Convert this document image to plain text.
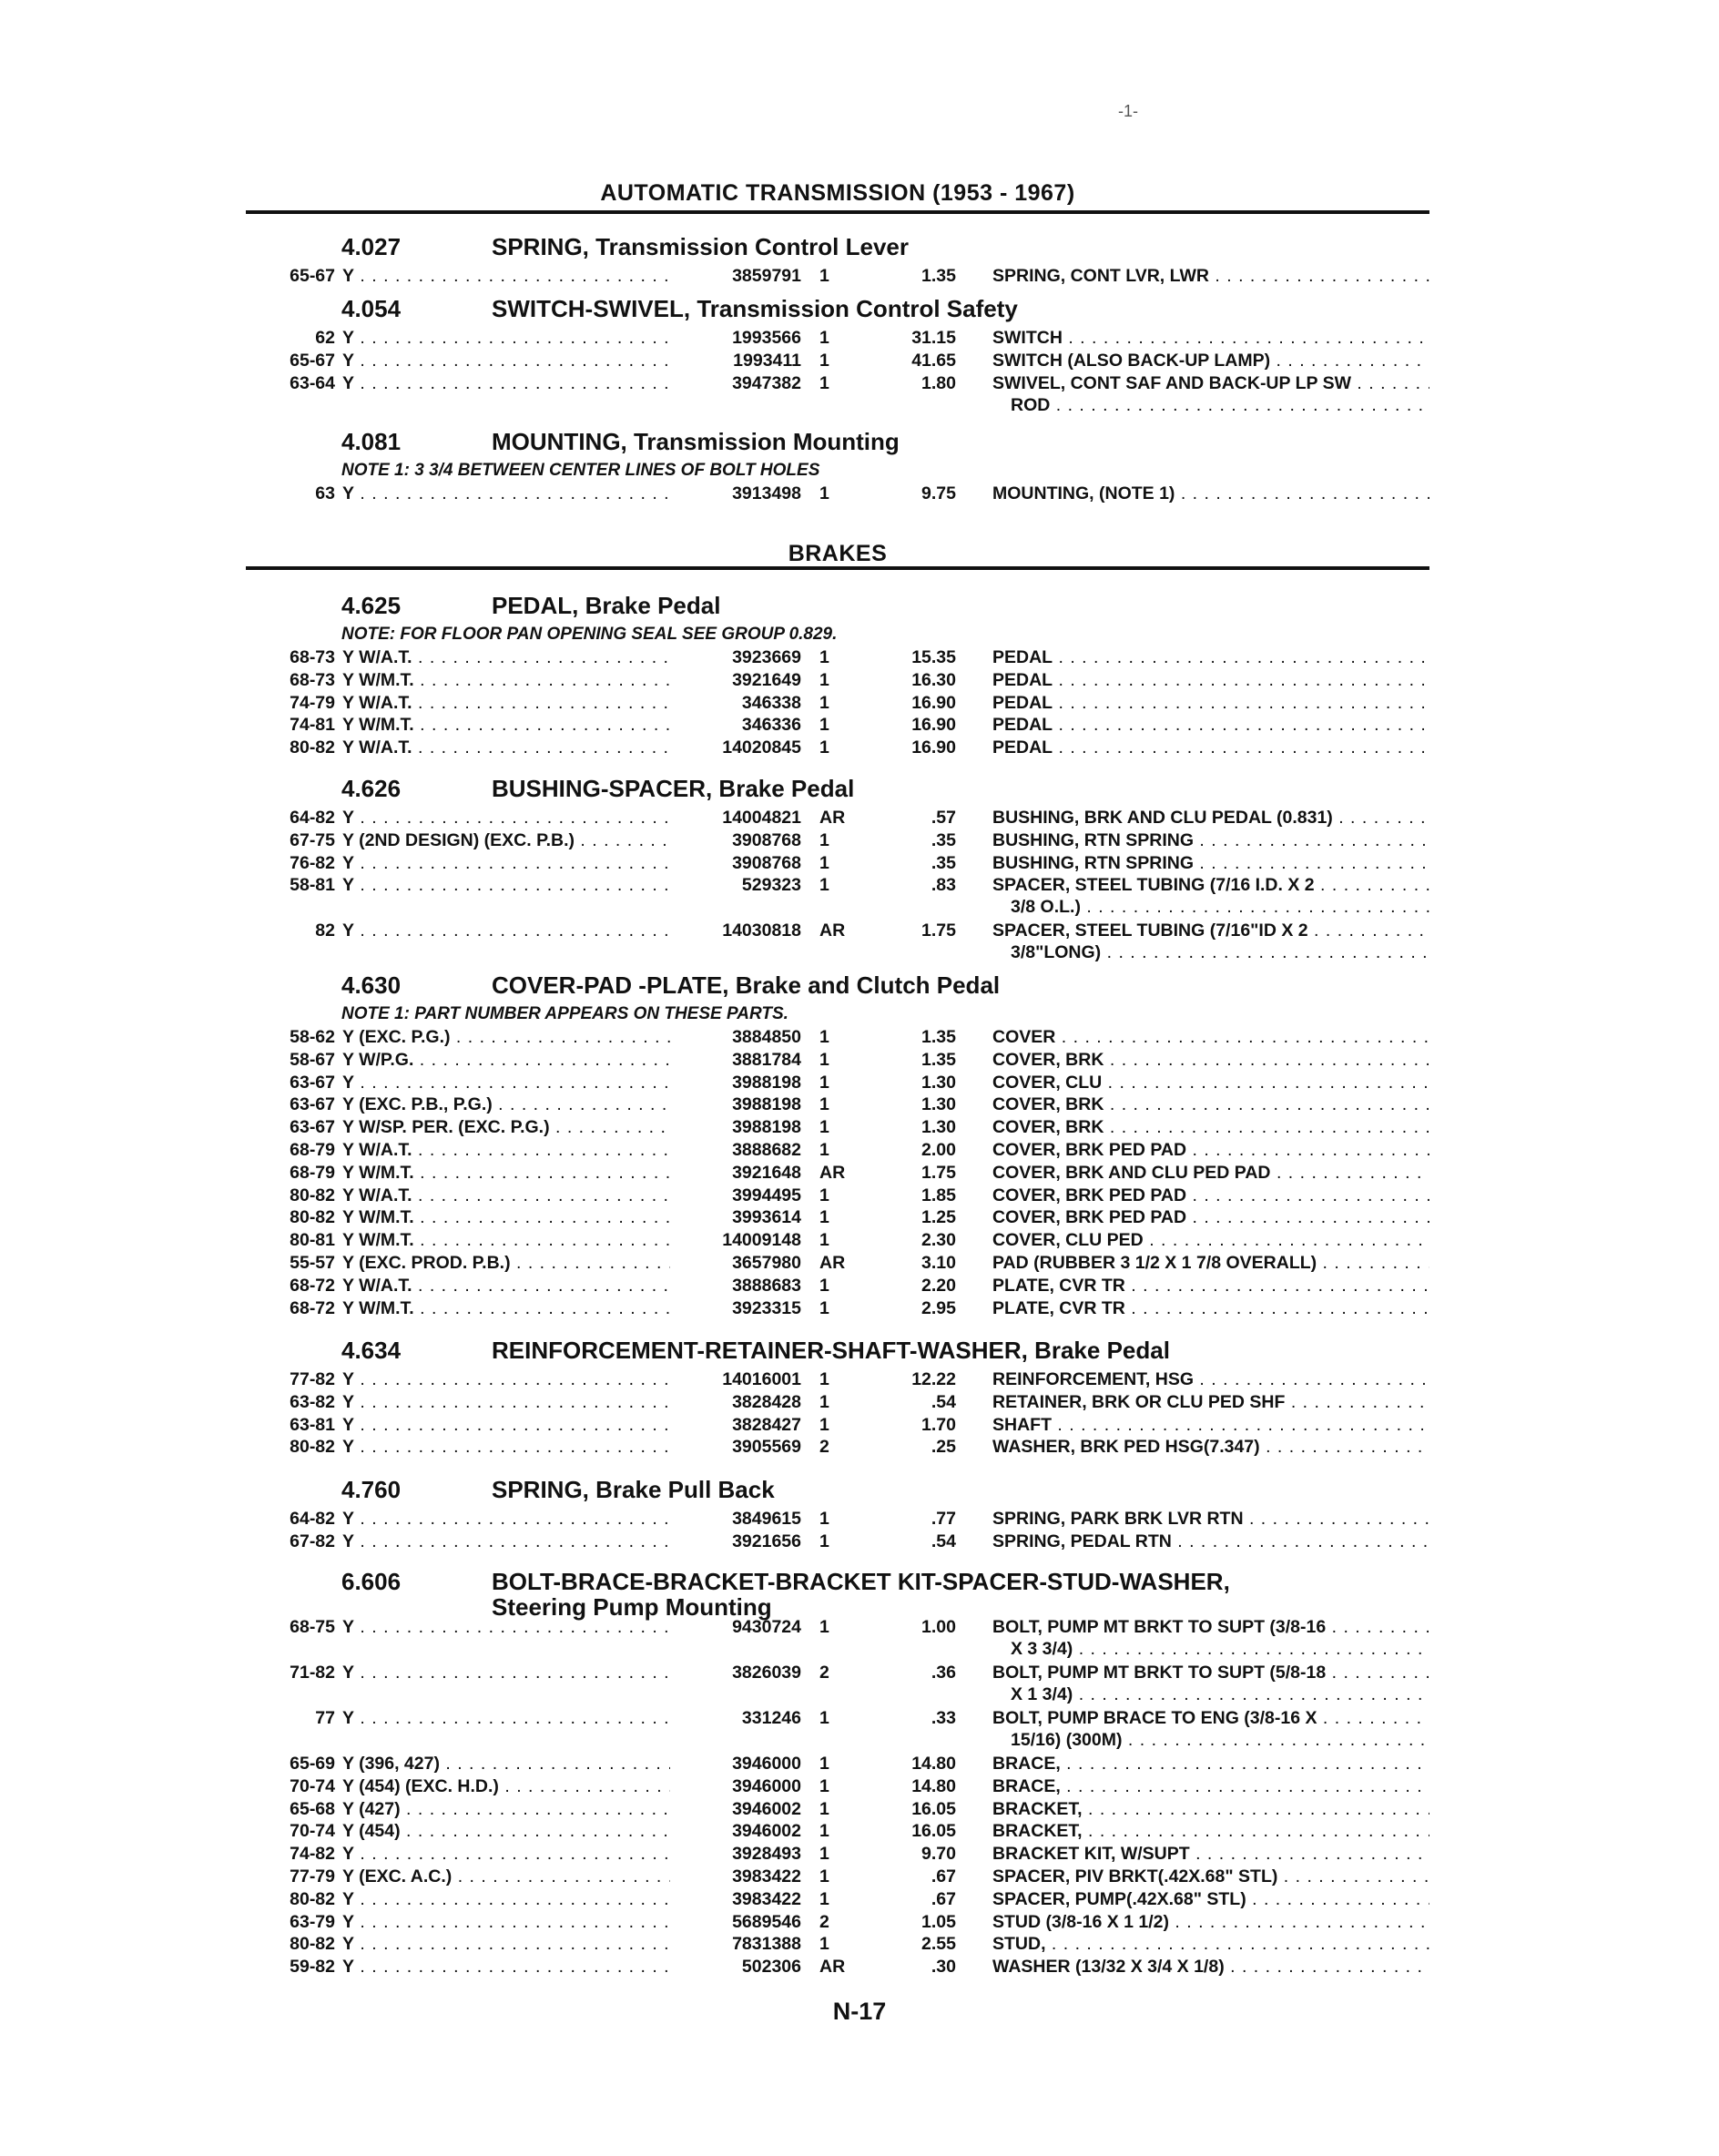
-1-
AUTOMATIC TRANSMISSION (1953 - 1967)
BRAKES
4.027	SPRING, Transmission Control Lever
65-67 Y . . .	3859791 1	1.35 SPRING, CONT LVR, LWR . . .
4.054	SWITCH-SWIVEL, Transmission Control Safety
62 Y . . .	1993566 1	31.15 SWITCH . . .
65-67 Y . . .	1993411 1	41.65 SWITCH (ALSO BACK-UP LAMP) . . .
63-64 Y . . .	3947382 1	1.80 SWIVEL, CONT SAF AND BACK-UP LP SW . . .
ROD . . .
4.081	MOUNTING, Transmission Mounting
NOTE 1: 3 3/4 BETWEEN CENTER LINES OF BOLT HOLES
63 Y . . .	3913498 1	9.75 MOUNTING, (NOTE 1) . . .
4.625	PEDAL, Brake Pedal
NOTE: FOR FLOOR PAN OPENING SEAL SEE GROUP 0.829.
68-73 Y W/A.T. . . .	3923669 1	15.35 PEDAL . . .
68-73 Y W/M.T. . . .	3921649 1	16.30 PEDAL . . .
74-79 Y W/A.T. . . .	346338 1	16.90 PEDAL . . .
74-81 Y W/M.T. . . .	346336 1	16.90 PEDAL . . .
80-82 Y W/A.T. . . .	14020845 1	16.90 PEDAL . . .
4.626	BUSHING-SPACER, Brake Pedal
64-82 Y . . .	14004821 AR	.57 BUSHING, BRK AND CLU PEDAL (0.831) . . .
67-75 Y (2ND DESIGN) (EXC. P.B.) . . .	3908768 1	.35 BUSHING, RTN SPRING . . .
76-82 Y . . .	3908768 1	.35 BUSHING, RTN SPRING . . .
58-81 Y . . .	529323 1	.83 SPACER, STEEL TUBING (7/16 I.D. X 2 . . .
3/8 O.L.) . . .
82 Y . . .	14030818 AR	1.75 SPACER, STEEL TUBING (7/16"ID X 2 . . .
3/8"LONG) . . .
4.630	COVER-PAD -PLATE, Brake and Clutch Pedal
NOTE 1: PART NUMBER APPEARS ON THESE PARTS.
58-62 Y (EXC. P.G.) . . .	3884850 1	1.35 COVER . . .
58-67 Y W/P.G. . . .	3881784 1	1.35 COVER, BRK . . .
63-67 Y . . .	3988198 1	1.30 COVER, CLU . . .
63-67 Y (EXC. P.B., P.G.) . . .	3988198 1	1.30 COVER, BRK . . .
63-67 Y W/SP. PER. (EXC. P.G.) . . .	3988198 1	1.30 COVER, BRK . . .
68-79 Y W/A.T. . . .	3888682 1	2.00 COVER, BRK PED PAD . . .
68-79 Y W/M.T. . . .	3921648 AR	1.75 COVER, BRK AND CLU PED PAD . . .
80-82 Y W/A.T. . . .	3994495 1	1.85 COVER, BRK PED PAD . . .
80-82 Y W/M.T. . . .	3993614 1	1.25 COVER, BRK PED PAD . . .
80-81 Y W/M.T. . . .	14009148 1	2.30 COVER, CLU PED . . .
55-57 Y (EXC. PROD. P.B.) . . .	3657980 AR	3.10 PAD (RUBBER 3 1/2 X 1 7/8 OVERALL) . . .
68-72 Y W/A.T. . . .	3888683 1	2.20 PLATE, CVR TR . . .
68-72 Y W/M.T. . . .	3923315 1	2.95 PLATE, CVR TR . . .
4.634	REINFORCEMENT-RETAINER-SHAFT-WASHER, Brake Pedal
77-82 Y . . .	14016001 1	12.22 REINFORCEMENT, HSG . . .
63-82 Y . . .	3828428 1	.54 RETAINER, BRK OR CLU PED SHF . . .
63-81 Y . . .	3828427 1	1.70 SHAFT . . .
80-82 Y . . .	3905569 2	.25 WASHER, BRK PED HSG(7.347) . . .
4.760	SPRING, Brake Pull Back
64-82 Y . . .	3849615 1	.77 SPRING, PARK BRK LVR RTN . . .
67-82 Y . . .	3921656 1	.54 SPRING, PEDAL RTN . . .
6.606	BOLT-BRACE-BRACKET-BRACKET KIT-SPACER-STUD-WASHER,
Steering Pump Mounting
68-75 Y . . .	9430724 1	1.00 BOLT, PUMP MT BRKT TO SUPT (3/8-16 . . .
X 3 3/4) . . .
71-82 Y . . .	3826039 2	.36 BOLT, PUMP MT BRKT TO SUPT (5/8-18 . . .
X 1 3/4) . . .
77 Y . . .	331246 1	.33 BOLT, PUMP BRACE TO ENG (3/8-16 X . . .
15/16) (300M) . . .
65-69 Y (396, 427) . . .	3946000 1	14.80 BRACE, . . .
70-74 Y (454) (EXC. H.D.) . . .	3946000 1	14.80 BRACE, . . .
65-68 Y (427) . . .	3946002 1	16.05 BRACKET, . . .
70-74 Y (454) . . .	3946002 1	16.05 BRACKET, . . .
74-82 Y . . .	3928493 1	9.70 BRACKET KIT, W/SUPT . . .
77-79 Y (EXC. A.C.) . . .	3983422 1	.67 SPACER, PIV BRKT(.42X.68" STL) . . .
80-82 Y . . .	3983422 1	.67 SPACER, PUMP(.42X.68" STL) . . .
63-79 Y . . .	5689546 2	1.05 STUD (3/8-16 X 1 1/2) . . .
80-82 Y . . .	7831388 1	2.55 STUD, . . .
59-82 Y . . .	502306 AR	.30 WASHER (13/32 X 3/4 X 1/8) . . .
N-17
